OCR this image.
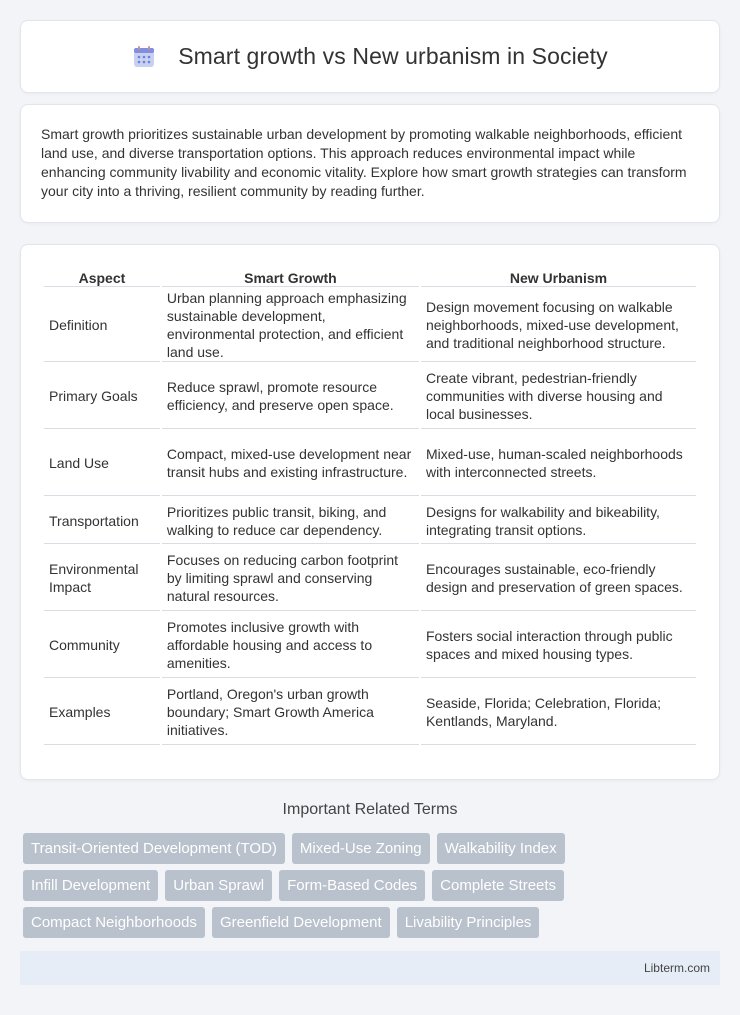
Smart growth vs New urbanism in Society

Smart growth prioritizes sustainable urban development by promoting walkable neighborhoods, efficient land use, and diverse transportation options. This approach reduces environmental impact while enhancing community livability and economic vitality. Explore how smart growth strategies can transform your city into a thriving, resilient community by reading further.

Aspect	Smart Growth	New Urbanism
Definition	Urban planning approach emphasizing sustainable development, environmental protection, and efficient land use.	Design movement focusing on walkable neighborhoods, mixed-use development, and traditional neighborhood structure.
Primary Goals	Reduce sprawl, promote resource efficiency, and preserve open space.	Create vibrant, pedestrian-friendly communities with diverse housing and local businesses.
Land Use	Compact, mixed-use development near transit hubs and existing infrastructure.	Mixed-use, human-scaled neighborhoods with interconnected streets.
Transportation	Prioritizes public transit, biking, and walking to reduce car dependency.	Designs for walkability and bikeability, integrating transit options.
Environmental Impact	Focuses on reducing carbon footprint by limiting sprawl and conserving natural resources.	Encourages sustainable, eco-friendly design and preservation of green spaces.
Community	Promotes inclusive growth with affordable housing and access to amenities.	Fosters social interaction through public spaces and mixed housing types.
Examples	Portland, Oregon's urban growth boundary; Smart Growth America initiatives.	Seaside, Florida; Celebration, Florida; Kentlands, Maryland.
Important Related Terms
Transit-Oriented Development (TOD)	Mixed-Use Zoning	Walkability Index
Infill Development	Urban Sprawl	Form-Based Codes	Complete Streets
Compact Neighborhoods	Greenfield Development	Livability Principles
Libterm.com
